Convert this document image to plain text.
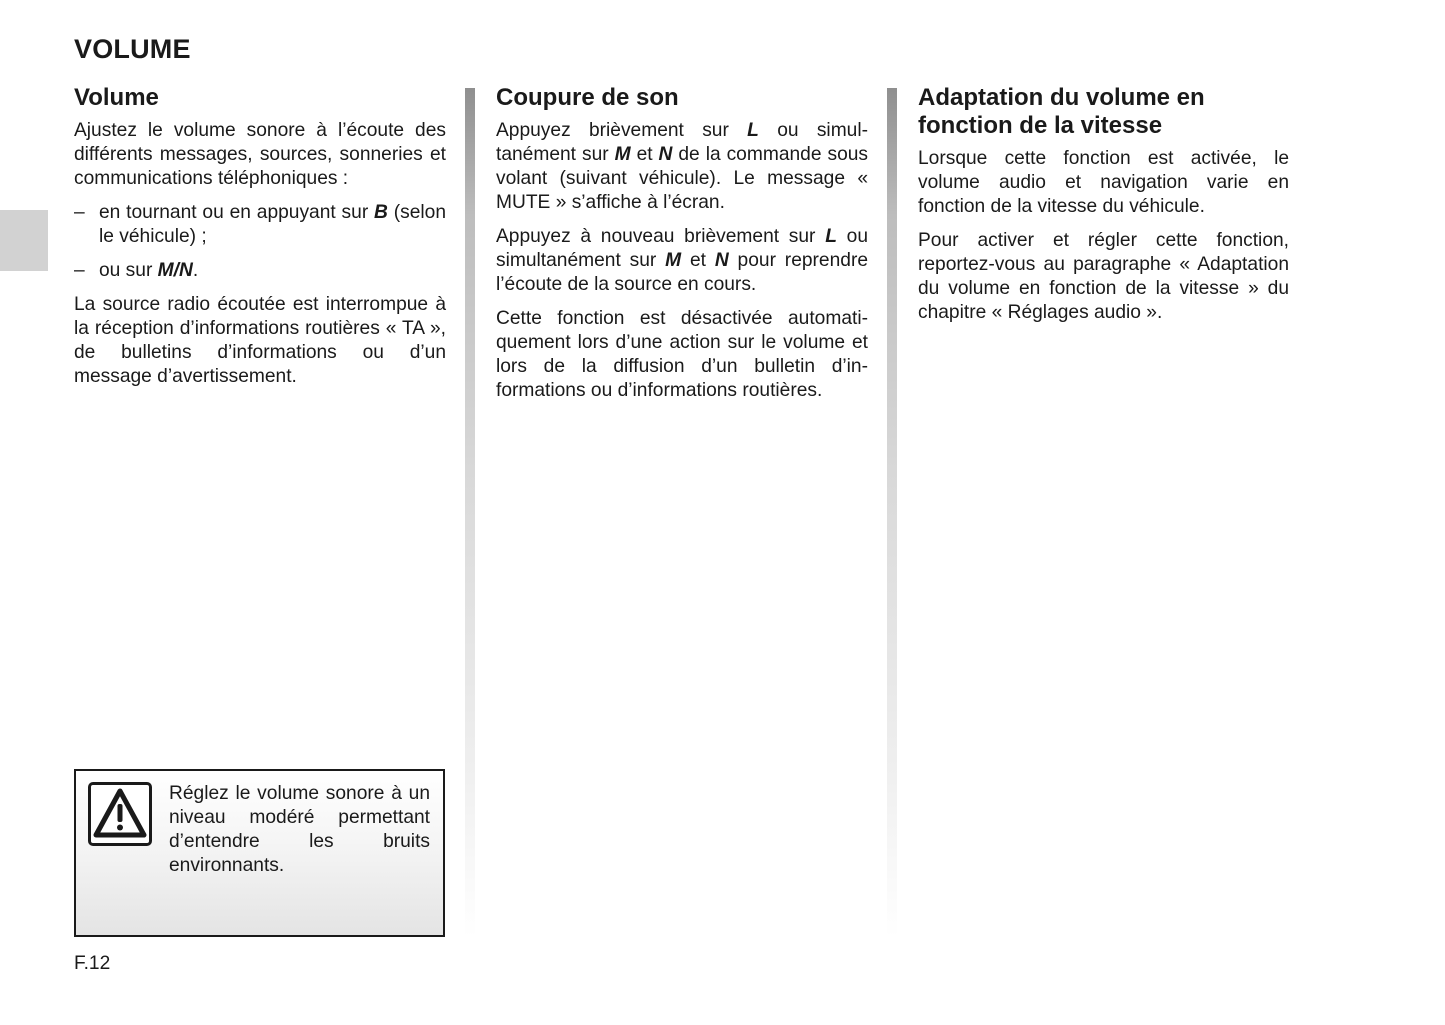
VOLUME
Volume

Ajustez le volume sonore à l’écoute des différents messages, sources, sonneries et communications téléphoniques :

– en tournant ou en appuyant sur B (selon le véhicule) ;
– ou sur M/N.

La source radio écoutée est interrompue à la réception d’informations routières « TA », de bulletins d’informations ou d’un message d’avertissement.

Coupure de son

Appuyez brièvement sur L ou simultanément sur M et N de la commande sous volant (suivant véhicule). Le message « MUTE » s’affiche à l’écran.

Appuyez à nouveau brièvement sur L ou simultanément sur M et N pour reprendre l’écoute de la source en cours.

Cette fonction est désactivée automatiquement lors d’une action sur le volume et lors de la diffusion d’un bulletin d’informations ou d’informations routières.

Adaptation du volume en fonction de la vitesse

Lorsque cette fonction est activée, le volume audio et navigation varie en fonction de la vitesse du véhicule.

Pour activer et régler cette fonction, reportez-vous au paragraphe « Adaptation du volume en fonction de la vitesse » du chapitre « Réglages audio ».

Réglez le volume sonore à un niveau modéré permettant d’entendre les bruits environnants.

F.12
